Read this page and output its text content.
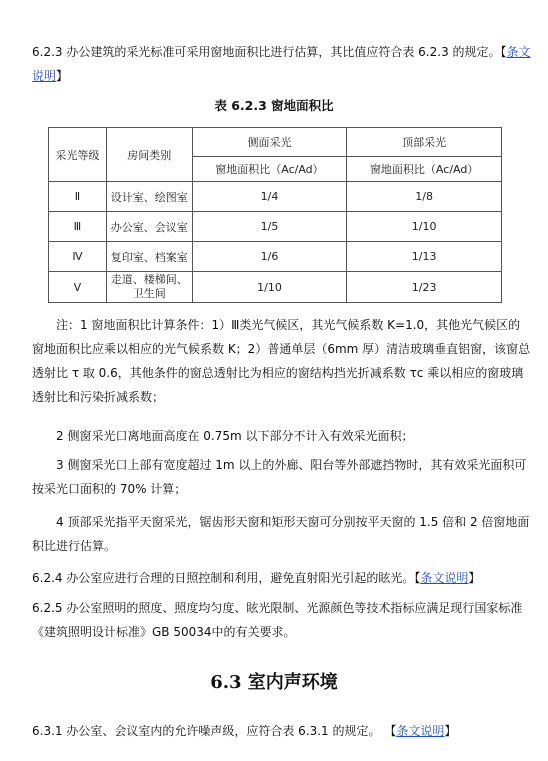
6.2.3 办公建筑的采光标准可采用窗地面积比进行估算，其比值应符合表 6.2.3 的规定。【条文说明】

表 6.2.3 窗地面积比
采光等级	房间类别	侧面采光	顶部采光
		窗地面积比（Ac/Ad）	窗地面积比（Ac/Ad）
Ⅱ	设计室、绘图室	1/4	1/8
Ⅲ	办公室、会议室	1/5	1/10
Ⅳ	复印室、档案室	1/6	1/13
Ⅴ	走道、楼梯间、卫生间	1/10	1/23

注：1 窗地面积比计算条件：1）Ⅲ类光气候区，其光气候系数 K=1.0，其他光气候区的窗地面积比应乘以相应的光气候系数 K；2）普通单层（6mm 厚）清洁玻璃垂直铝窗，该窗总透射比 τ 取 0.6，其他条件的窗总透射比为相应的窗结构挡光折减系数 τc 乘以相应的窗玻璃透射比和污染折减系数；

2 侧窗采光口离地面高度在 0.75m 以下部分不计入有效采光面积；

3 侧窗采光口上部有宽度超过 1m 以上的外廊、阳台等外部遮挡物时，其有效采光面积可按采光口面积的 70% 计算；

4 顶部采光指平天窗采光，锯齿形天窗和矩形天窗可分别按平天窗的 1.5 倍和 2 倍窗地面积比进行估算。

6.2.4 办公室应进行合理的日照控制和利用，避免直射阳光引起的眩光。【条文说明】

6.2.5 办公室照明的照度、照度均匀度、眩光限制、光源颜色等技术指标应满足现行国家标准《建筑照明设计标准》GB 50034中的有关要求。

6.3 室内声环境

6.3.1 办公室、会议室内的允许噪声级，应符合表 6.3.1 的规定。 【条文说明】
